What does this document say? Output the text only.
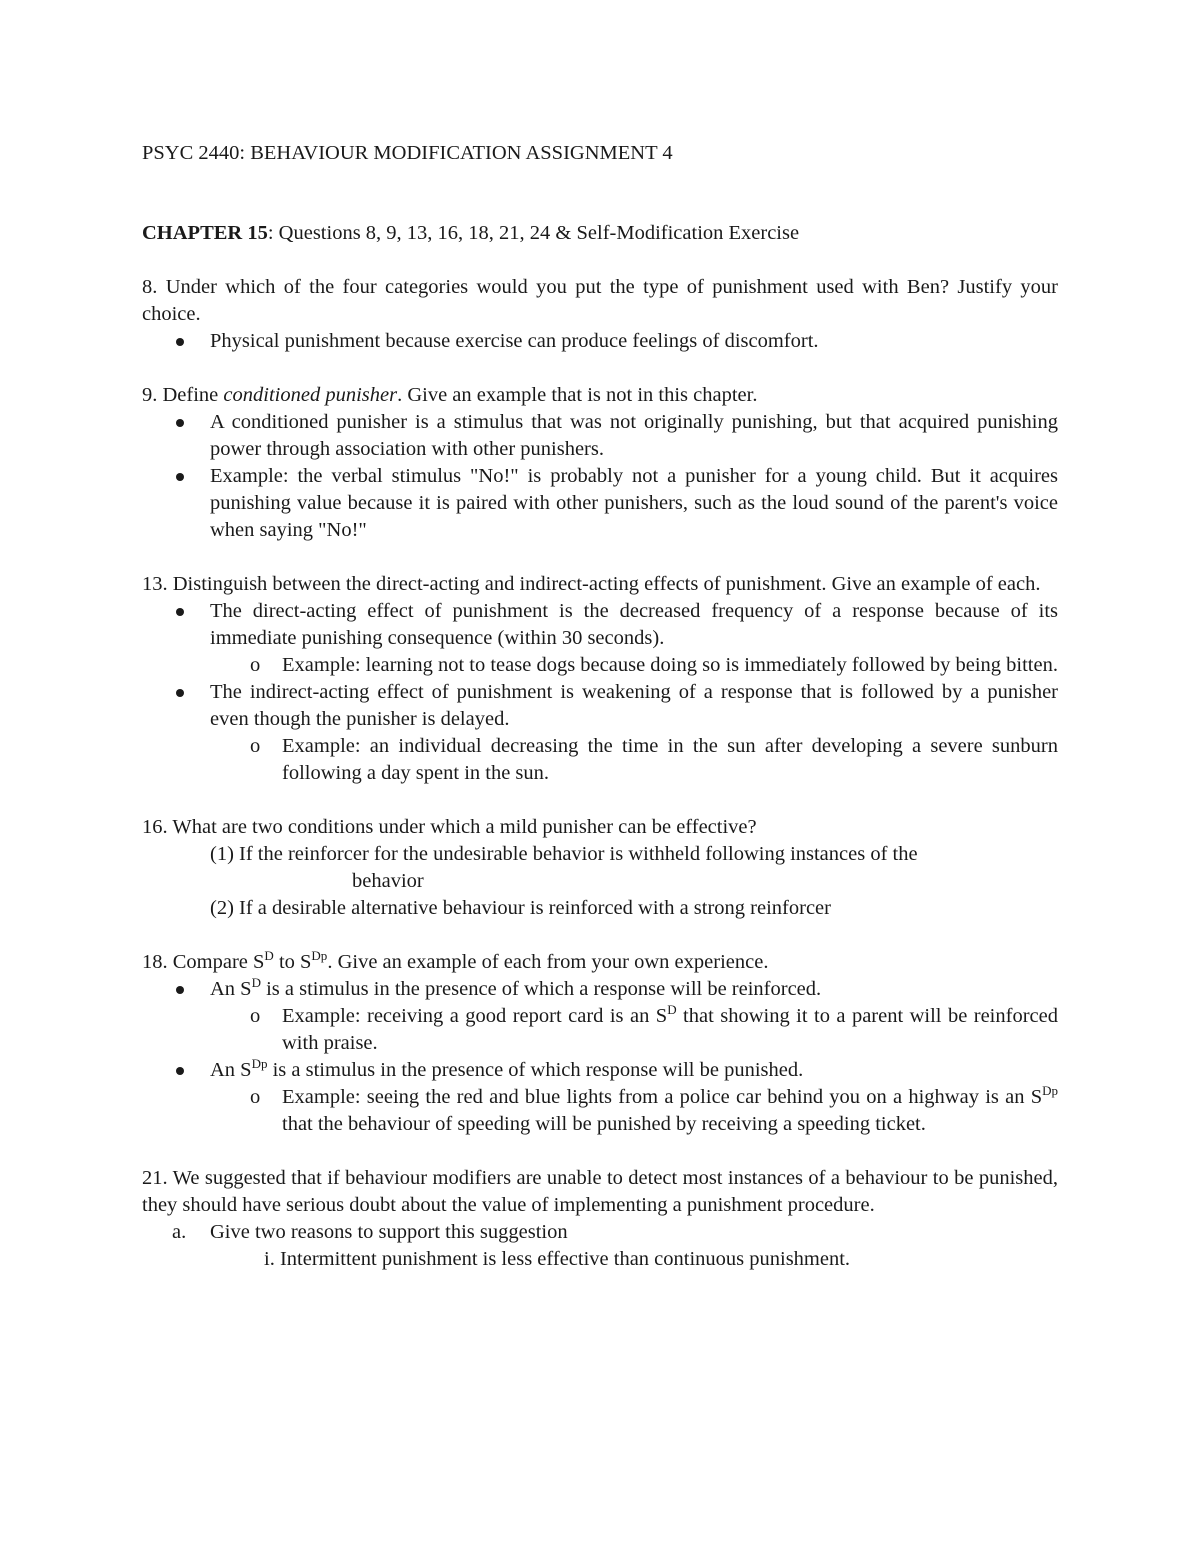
PSYC 2440: BEHAVIOUR MODIFICATION ASSIGNMENT 4

CHAPTER 15: Questions 8, 9, 13, 16, 18, 21, 24 & Self-Modification Exercise

8. Under which of the four categories would you put the type of punishment used with Ben? Justify your choice.

Physical punishment because exercise can produce feelings of discomfort.

9. Define conditioned punisher. Give an example that is not in this chapter.

A conditioned punisher is a stimulus that was not originally punishing, but that acquired punishing power through association with other punishers.
Example: the verbal stimulus "No!" is probably not a punisher for a young child. But it acquires punishing value because it is paired with other punishers, such as the loud sound of the parent's voice when saying "No!"

13. Distinguish between the direct-acting and indirect-acting effects of punishment. Give an example of each.

The direct-acting effect of punishment is the decreased frequency of a response because of its immediate punishing consequence (within 30 seconds).
o Example: learning not to tease dogs because doing so is immediately followed by being bitten.
The indirect-acting effect of punishment is weakening of a response that is followed by a punisher even though the punisher is delayed.
o Example: an individual decreasing the time in the sun after developing a severe sunburn following a day spent in the sun.

16. What are two conditions under which a mild punisher can be effective?

(1) If the reinforcer for the undesirable behavior is withheld following instances of the

behavior

(2) If a desirable alternative behaviour is reinforced with a strong reinforcer

18. Compare $S^D$ to $S^{Dp}$. Give an example of each from your own experience.

An $S^D$ is a stimulus in the presence of which a response will be reinforced.
o Example: receiving a good report card is an $S^D$ that showing it to a parent will be reinforced with praise.
An $S^{Dp}$ is a stimulus in the presence of which response will be punished.
o Example: seeing the red and blue lights from a police car behind you on a highway is an $S^{Dp}$ that the behaviour of speeding will be punished by receiving a speeding ticket.

21. We suggested that if behaviour modifiers are unable to detect most instances of a behaviour to be punished, they should have serious doubt about the value of implementing a punishment procedure.

a. Give two reasons to support this suggestion

i. Intermittent punishment is less effective than continuous punishment.
